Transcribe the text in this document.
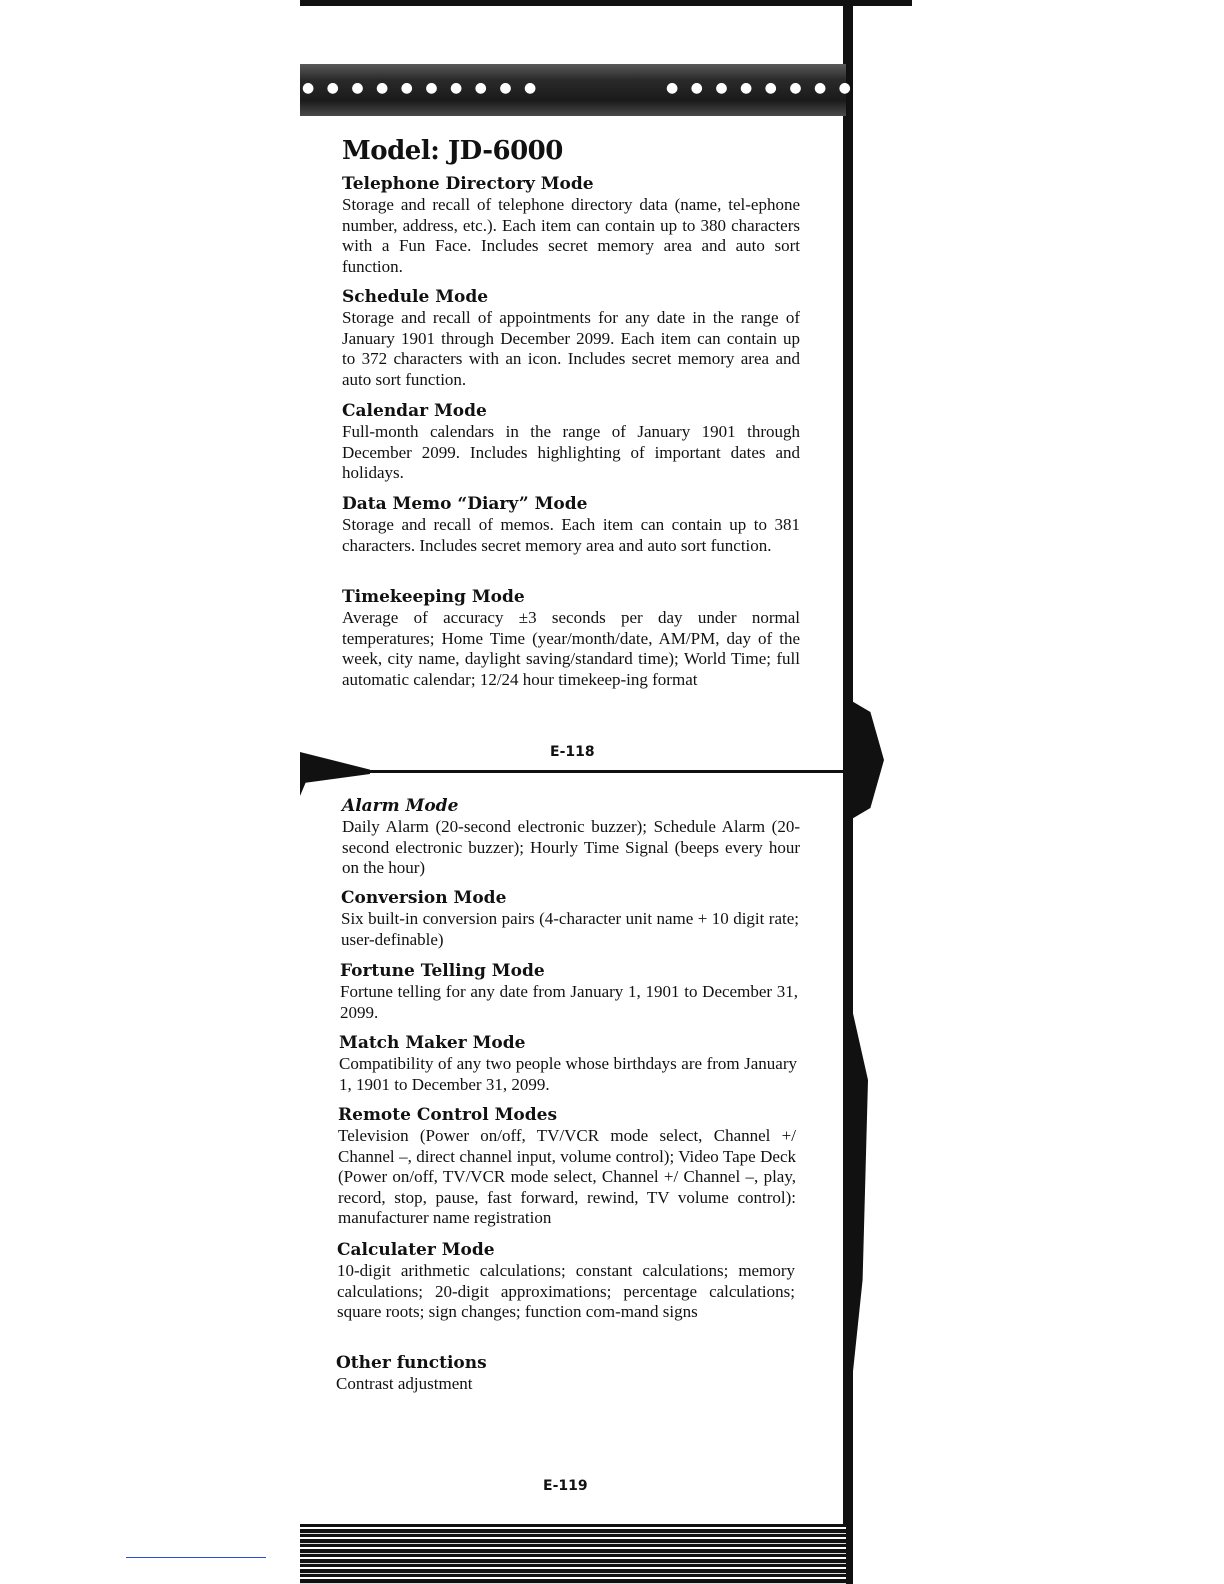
● ● ● ● ● ● ● ● ● ●	● ● ● ● ● ● ● ● ● ●
Model: JD-6000
Telephone Directory Mode

Storage and recall of telephone directory data (name, tel-ephone number, address, etc.). Each item can contain up to 380 characters with a Fun Face. Includes secret memory area and auto sort function.

Schedule Mode

Storage and recall of appointments for any date in the range of January 1901 through December 2099. Each item can contain up to 372 characters with an icon. Includes secret memory area and auto sort function.

Calendar Mode

Full-month calendars in the range of January 1901 through December 2099. Includes highlighting of important dates and holidays.

Data Memo “Diary” Mode

Storage and recall of memos. Each item can contain up to 381 characters. Includes secret memory area and auto sort function.

Timekeeping Mode

Average of accuracy ±3 seconds per day under normal temperatures; Home Time (year/month/date, AM/PM, day of the week, city name, daylight saving/standard time); World Time; full automatic calendar; 12/24 hour timekeep-ing format

E-118
Alarm Mode

Daily Alarm (20-second electronic buzzer); Schedule Alarm (20-second electronic buzzer); Hourly Time Signal (beeps every hour on the hour)

Conversion Mode

Six built-in conversion pairs (4-character unit name + 10 digit rate; user-definable)

Fortune Telling Mode

Fortune telling for any date from January 1, 1901 to December 31, 2099.

Match Maker Mode

Compatibility of any two people whose birthdays are from January 1, 1901 to December 31, 2099.

Remote Control Modes

Television (Power on/off, TV/VCR mode select, Channel +/ Channel –, direct channel input, volume control); Video Tape Deck (Power on/off, TV/VCR mode select, Channel +/ Channel –, play, record, stop, pause, fast forward, rewind, TV volume control): manufacturer name registration

Calculater Mode

10-digit arithmetic calculations; constant calculations; memory calculations; 20-digit approximations; percentage calculations; square roots; sign changes; function com-mand signs

Other functions

Contrast adjustment

E-119
